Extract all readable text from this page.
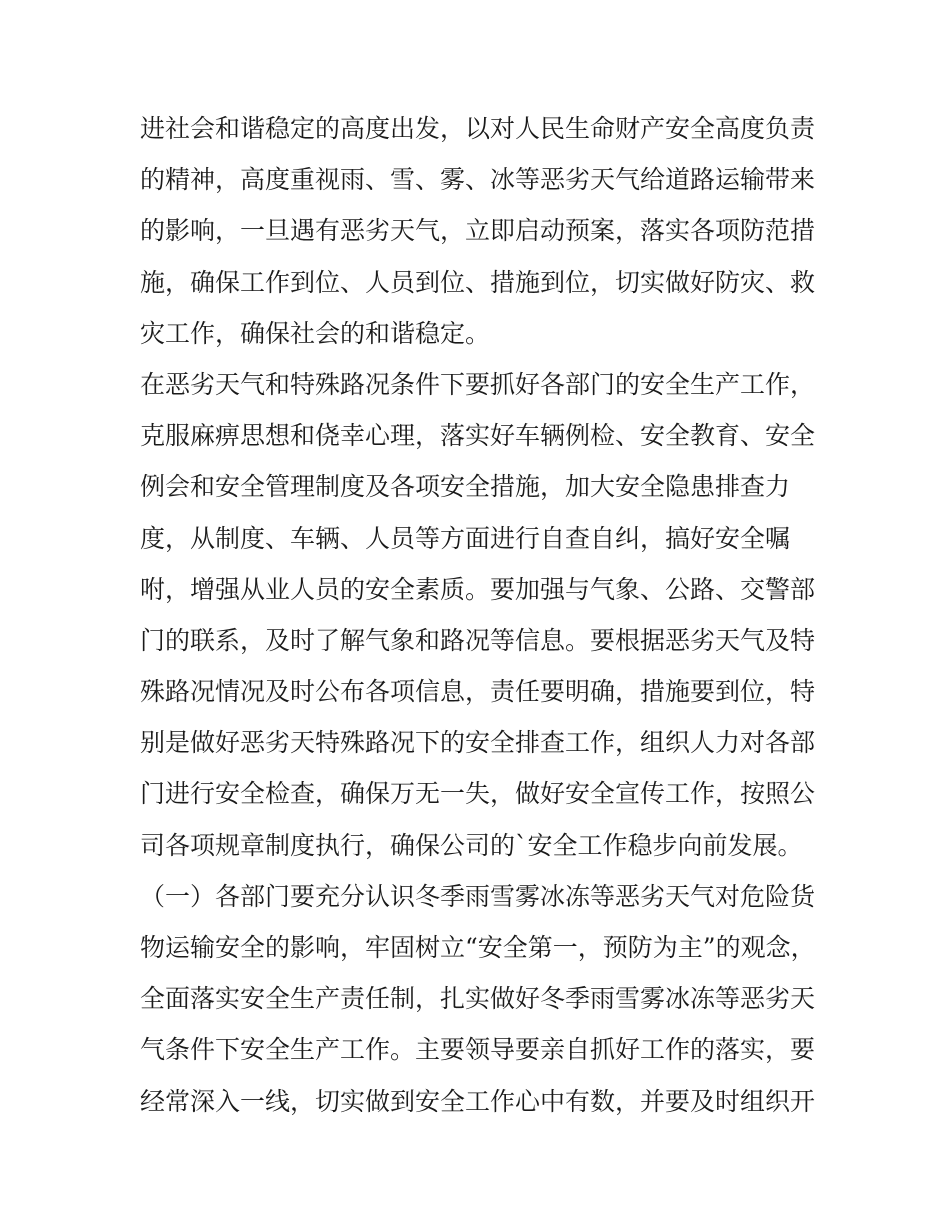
进社会和谐稳定的高度出发，以对人民生命财产安全高度负责
的精神，高度重视雨、雪、雾、冰等恶劣天气给道路运输带来
的影响，一旦遇有恶劣天气，立即启动预案，落实各项防范措
施，确保工作到位、人员到位、措施到位，切实做好防灾、救
灾工作，确保社会的和谐稳定。
在恶劣天气和特殊路况条件下要抓好各部门的安全生产工作，
克服麻痹思想和侥幸心理，落实好车辆例检、安全教育、安全
例会和安全管理制度及各项安全措施，加大安全隐患排查力
度，从制度、车辆、人员等方面进行自查自纠，搞好安全嘱
咐，增强从业人员的安全素质。要加强与气象、公路、交警部
门的联系，及时了解气象和路况等信息。要根据恶劣天气及特
殊路况情况及时公布各项信息，责任要明确，措施要到位，特
别是做好恶劣天特殊路况下的安全排查工作，组织人力对各部
门进行安全检查，确保万无一失，做好安全宣传工作，按照公
司各项规章制度执行，确保公司的`安全工作稳步向前发展。
（一）各部门要充分认识冬季雨雪雾冰冻等恶劣天气对危险货
物运输安全的影响，牢固树立“安全第一，预防为主”的观念，
全面落实安全生产责任制，扎实做好冬季雨雪雾冰冻等恶劣天
气条件下安全生产工作。主要领导要亲自抓好工作的落实，要
经常深入一线，切实做到安全工作心中有数，并要及时组织开
